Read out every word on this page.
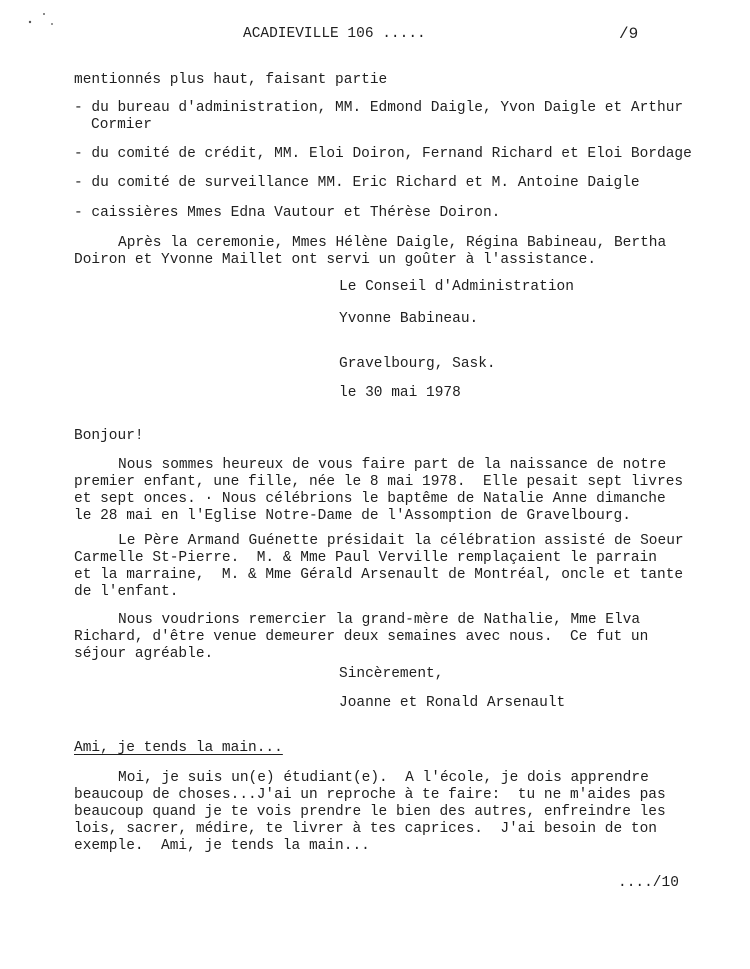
ACADIEVILLE 106 .....	/9
mentionnés plus haut, faisant partie
- du bureau d'administration, MM. Edmond Daigle, Yvon Daigle et Arthur
Cormier
- du comité de crédit, MM. Eloi Doiron, Fernand Richard et Eloi Bordage
- du comité de surveillance MM. Eric Richard et M. Antoine Daigle
- caissières Mmes Edna Vautour et Thérèse Doiron.
Après la ceremonie, Mmes Hélène Daigle, Régina Babineau, Bertha
Doiron et Yvonne Maillet ont servi un goûter à l'assistance.
Le Conseil d'Administration
Yvonne Babineau.
Gravelbourg, Sask.
le 30 mai 1978
Bonjour!
Nous sommes heureux de vous faire part de la naissance de notre
premier enfant, une fille, née le 8 mai 1978.  Elle pesait sept livres
et sept onces. · Nous célébrions le baptême de Natalie Anne dimanche
le 28 mai en l'Eglise Notre-Dame de l'Assomption de Gravelbourg.
Le Père Armand Guénette présidait la célébration assisté de Soeur
Carmelle St-Pierre.  M. & Mme Paul Verville remplaçaient le parrain
et la marraine,  M. & Mme Gérald Arsenault de Montréal, oncle et tante
de l'enfant.
Nous voudrions remercier la grand-mère de Nathalie, Mme Elva
Richard, d'être venue demeurer deux semaines avec nous.  Ce fut un
séjour agréable.
Sincèrement,
Joanne et Ronald Arsenault
Ami, je tends la main...
Moi, je suis un(e) étudiant(e).  A l'école, je dois apprendre
beaucoup de choses...J'ai un reproche à te faire:  tu ne m'aides pas
beaucoup quand je te vois prendre le bien des autres, enfreindre les
lois, sacrer, médire, te livrer à tes caprices.  J'ai besoin de ton
exemple.  Ami, je tends la main...
..../10
